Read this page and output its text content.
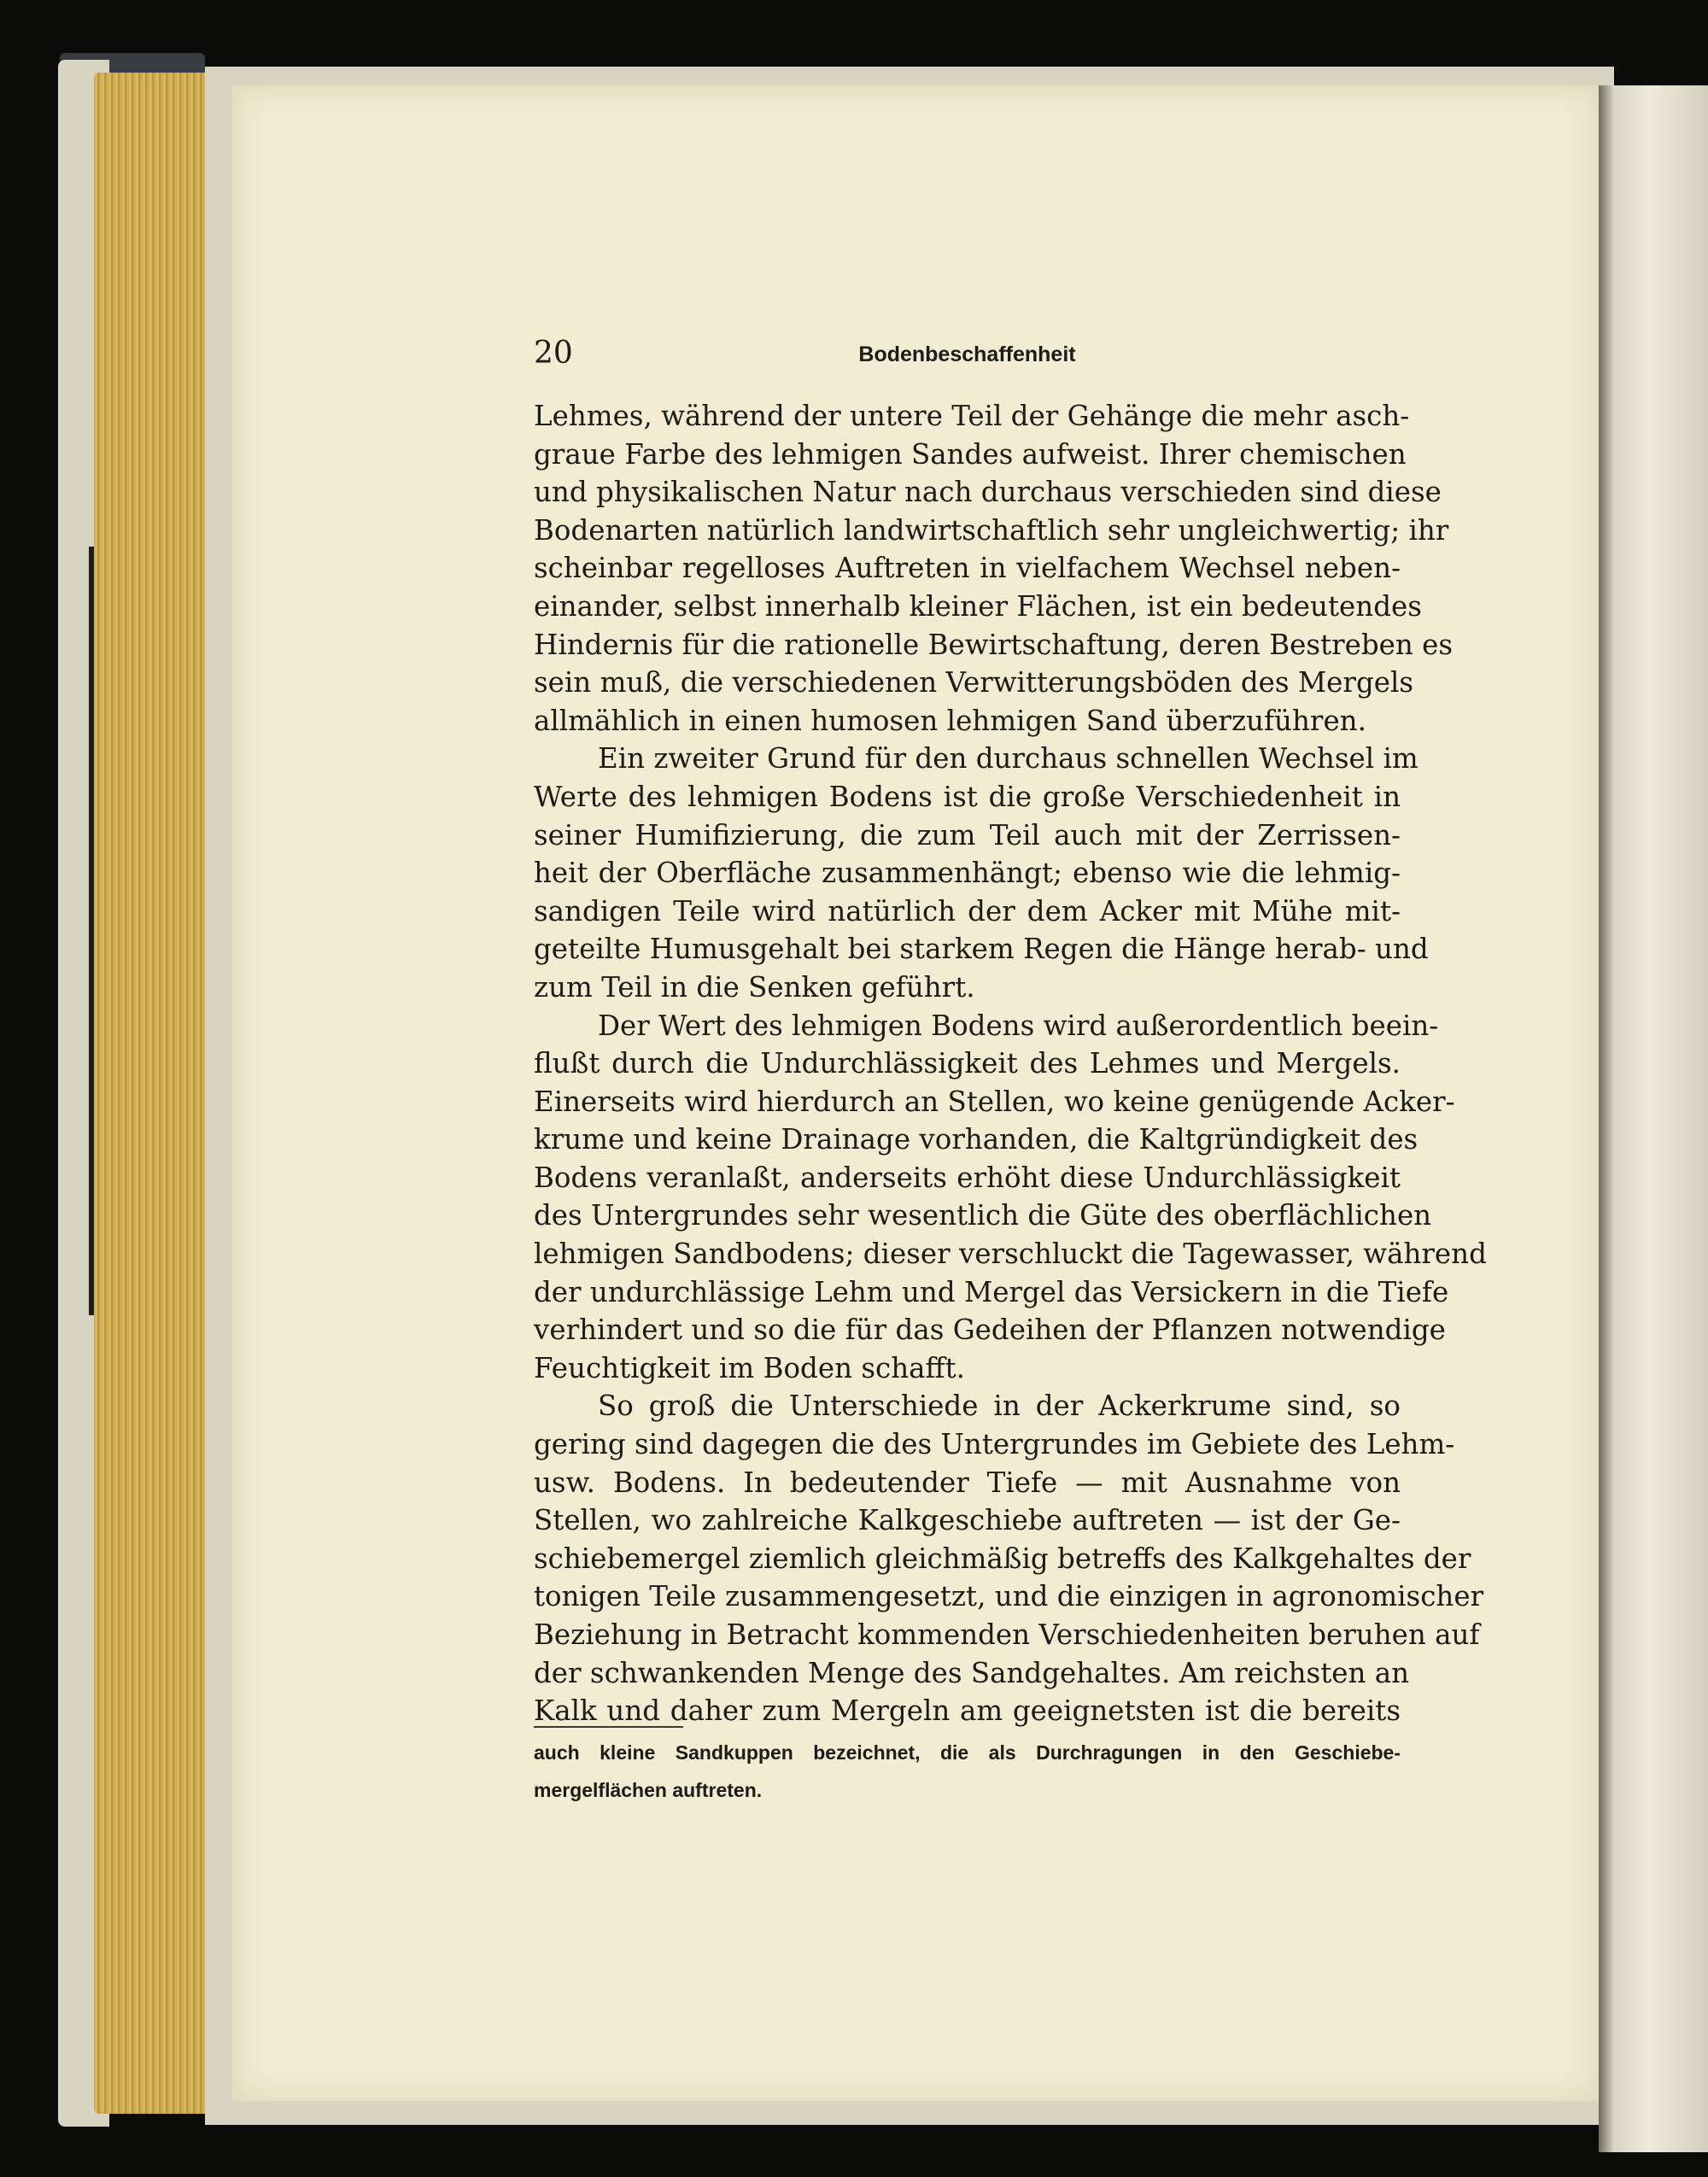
20	Bodenbeschaffenheit
Lehmes, während der untere Teil der Gehänge die mehr asch-
graue Farbe des lehmigen Sandes aufweist. Ihrer chemischen
und physikalischen Natur nach durchaus verschieden sind diese
Bodenarten natürlich landwirtschaftlich sehr ungleichwertig; ihr
scheinbar regelloses Auftreten in vielfachem Wechsel neben-
einander, selbst innerhalb kleiner Flächen, ist ein bedeutendes
Hindernis für die rationelle Bewirtschaftung, deren Bestreben es
sein muß, die verschiedenen Verwitterungsböden des Mergels
allmählich in einen humosen lehmigen Sand überzuführen.
Ein zweiter Grund für den durchaus schnellen Wechsel im
Werte des lehmigen Bodens ist die große Verschiedenheit in
seiner Humifizierung, die zum Teil auch mit der Zerrissen-
heit der Oberfläche zusammenhängt; ebenso wie die lehmig-
sandigen Teile wird natürlich der dem Acker mit Mühe mit-
geteilte Humusgehalt bei starkem Regen die Hänge herab- und
zum Teil in die Senken geführt.
Der Wert des lehmigen Bodens wird außerordentlich beein-
flußt durch die Undurchlässigkeit des Lehmes und Mergels.
Einerseits wird hierdurch an Stellen, wo keine genügende Acker-
krume und keine Drainage vorhanden, die Kaltgründigkeit des
Bodens veranlaßt, anderseits erhöht diese Undurchlässigkeit
des Untergrundes sehr wesentlich die Güte des oberflächlichen
lehmigen Sandbodens; dieser verschluckt die Tagewasser, während
der undurchlässige Lehm und Mergel das Versickern in die Tiefe
verhindert und so die für das Gedeihen der Pflanzen notwendige
Feuchtigkeit im Boden schafft.
So groß die Unterschiede in der Ackerkrume sind, so
gering sind dagegen die des Untergrundes im Gebiete des Lehm-
usw. Bodens. In bedeutender Tiefe — mit Ausnahme von
Stellen, wo zahlreiche Kalkgeschiebe auftreten — ist der Ge-
schiebemergel ziemlich gleichmäßig betreffs des Kalkgehaltes der
tonigen Teile zusammengesetzt, und die einzigen in agronomischer
Beziehung in Betracht kommenden Verschiedenheiten beruhen auf
der schwankenden Menge des Sandgehaltes. Am reichsten an
Kalk und daher zum Mergeln am geeignetsten ist die bereits
auch kleine Sandkuppen bezeichnet, die als Durchragungen in den Geschiebe-
mergelflächen auftreten.
